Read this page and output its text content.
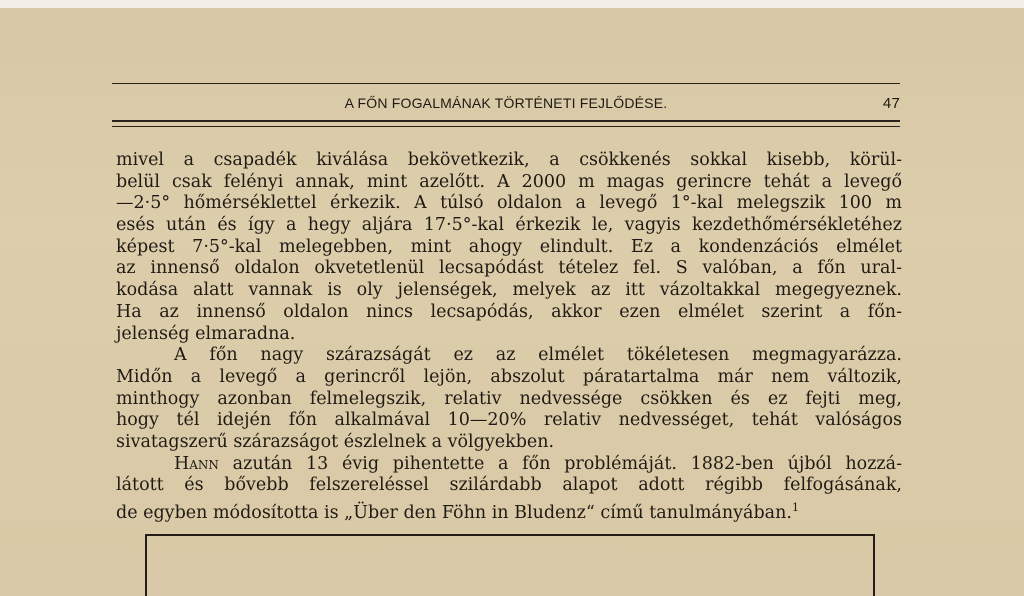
A FŐN FOGALMÁNAK TÖRTÉNETI FEJLŐDÉSE.	47
mivel a csapadék kiválása bekövetkezik, a csökkenés sokkal kisebb, körül-
belül csak felényi annak, mint azelőtt. A 2000 m magas gerincre tehát a levegő
—2·5° hőmérséklettel érkezik. A túlsó oldalon a levegő 1°-kal melegszik 100 m
esés után és így a hegy aljára 17·5°-kal érkezik le, vagyis kezdethőmérsékletéhez
képest 7·5°-kal melegebben, mint ahogy elindult. Ez a kondenzációs elmélet
az innenső oldalon okvetetlenül lecsapódást tételez fel. S valóban, a főn ural-
kodása alatt vannak is oly jelenségek, melyek az itt vázoltakkal megegyeznek.
Ha az innenső oldalon nincs lecsapódás, akkor ezen elmélet szerint a főn-
jelenség elmaradna.
A főn nagy szárazságát ez az elmélet tökéletesen megmagyarázza.
Midőn a levegő a gerincről lejön, abszolut páratartalma már nem változik,
minthogy azonban felmelegszik, relativ nedvessége csökken és ez fejti meg,
hogy tél idején főn alkalmával 10—20% relativ nedvességet, tehát valóságos
sivatagszerű szárazságot észlelnek a völgyekben.
Hann azután 13 évig pihentette a főn problémáját. 1882-ben újból hozzá-
látott és bővebb felszereléssel szilárdabb alapot adott régibb felfogásának,
de egyben módosította is „Über den Föhn in Bludenz“ című tanulmányában.$^1$
